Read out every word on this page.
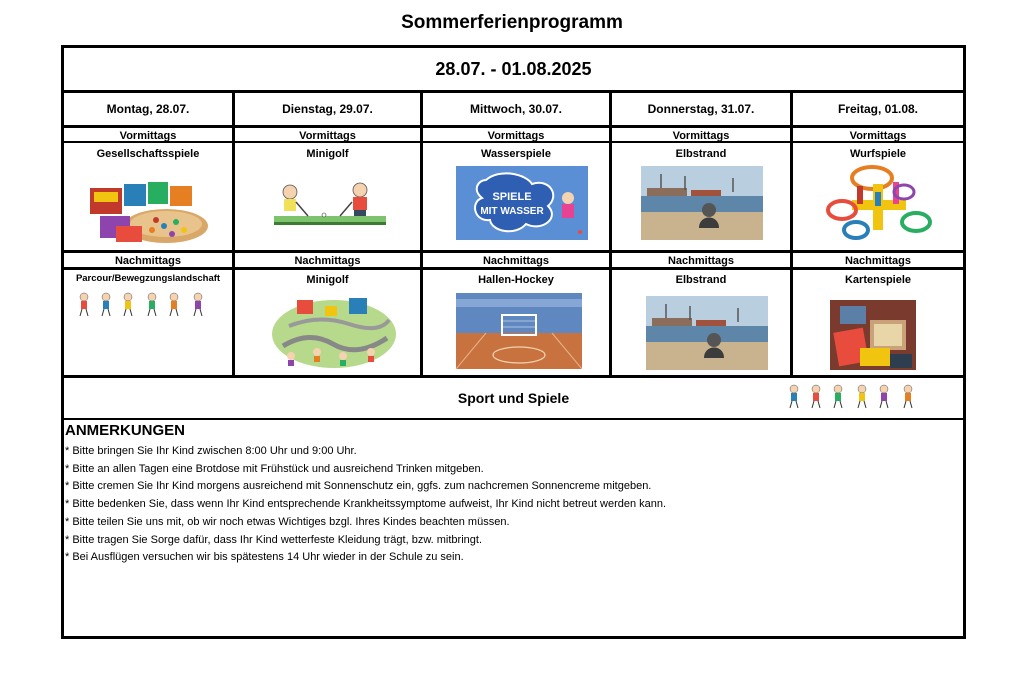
Sommerferienprogramm
28.07. - 01.08.2025
Montag, 28.07.	Dienstag, 29.07.	Mittwoch, 30.07.	Donnerstag, 31.07.	Freitag, 01.08.
Vormittags	Vormittags	Vormittags	Vormittags	Vormittags
Gesellschaftsspiele	Minigolf	Wasserspiele	Elbstrand	Wurfspiele
SPIELE
MIT WASSER
Nachmittags	Nachmittags	Nachmittags	Nachmittags	Nachmittags
Parcour/Bewegzungslandschaft	Minigolf	Hallen-Hockey	Elbstrand	Kartenspiele
Sport und Spiele
ANMERKUNGEN
* Bitte bringen Sie Ihr Kind zwischen 8:00 Uhr und 9:00 Uhr.
* Bitte an allen Tagen eine Brotdose mit Frühstück und ausreichend Trinken mitgeben.
* Bitte cremen Sie Ihr Kind morgens ausreichend mit Sonnenschutz ein, ggfs. zum nachcremen Sonnencreme mitgeben.
* Bitte bedenken Sie, dass wenn Ihr Kind entsprechende Krankheitssymptome aufweist, Ihr Kind nicht betreut werden kann.
* Bitte teilen Sie uns mit, ob wir noch etwas Wichtiges bzgl. Ihres Kindes beachten müssen.
* Bitte tragen Sie Sorge dafür, dass Ihr Kind wetterfeste Kleidung trägt, bzw. mitbringt.
* Bei Ausflügen versuchen wir bis spätestens 14 Uhr wieder in der Schule zu sein.
